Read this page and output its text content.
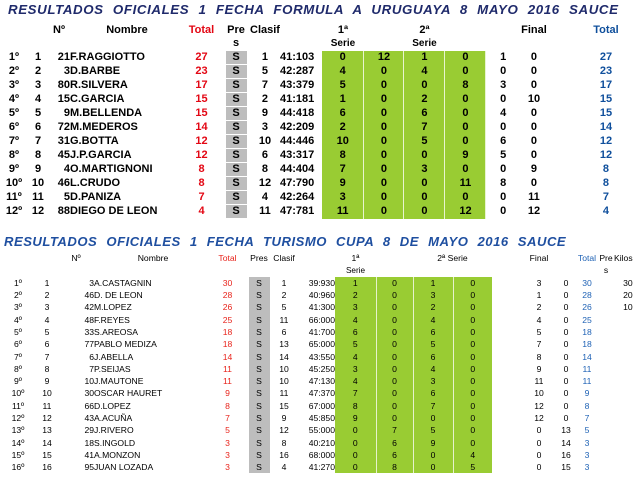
RESULTADOS OFICIALES 1 FECHA FORMULA A URUGUAYA 8 MAYO 2016 SAUCE
		Nº	Nombre	Total		Pre		Clasif		1ª		2ª			Final		Total
						s				Serie		Serie					
1º	1	21	F.RAGGIOTTO	27		S		1	41:103	0	12	1	0	1	0		27
2º	2	3	D.BARBE	23		S		5	42:287	4	0	4	0	0	0		23
3º	3	80	R.SILVERA	17		S		7	43:379	5	0	0	8	3	0		17
4º	4	15	C.GARCIA	15		S		2	41:181	1	0	2	0	0	10		15
5º	5	9	M.BELLENDA	15		S		9	44:418	6	0	6	0	4	0		15
6º	6	72	M.MEDEROS	14		S		3	42:209	2	0	7	0	0	0		14
7º	7	31	G.BOTTA	12		S		10	44:446	10	0	5	0	6	0		12
8º	8	45	J.P.GARCIA	12		S		6	43:317	8	0	0	9	5	0		12
9º	9	4	O.MARTIGNONI	8		S		8	44:404	7	0	3	0	0	9		8
10º	10	46	L.CRUDO	8		S		12	47:790	9	0	0	11	8	0		8
11º	11	5	D.PANIZA	7		S		4	42:264	3	0	0	0	0	11		7
12º	12	88	DIEGO DE LEON	4		S		11	47:781	11	0	0	12	0	12		4
RESULTADOS OFICIALES 1 FECHA TURISMO CUPA 8 DE MAYO 2016 SAUCE
		Nº	Nombre	Total		Pres		Clasif		1ª		2ª Serie			Final		Total	Pre		Kilos
										Serie								s		
1º	1	3	A.CASTAGNIN	30		S		1	39:930	1	0	1	0		3	0	30			30
2º	2	46	D. DE LEON	28		S		2	40:960	2	0	3	0		1	0	28			20
3º	3	42	M.LOPEZ	26		S		5	41:300	3	0	2	0		2	0	26			10
4º	4	48	F.REYES	25		S		11	66:000	4	0	4	0		4	0	25			
5º	5	33	S.AREOSA	18		S		6	41:700	6	0	6	0		5	0	18			
6º	6	77	PABLO MEDIZA	18		S		13	65:000	5	0	5	0		7	0	18			
7º	7	6	J.ABELLA	14		S		14	43:550	4	0	6	0		8	0	14			
8º	8	7	P.SEIJAS	11		S		10	45:250	3	0	4	0		9	0	11			
9º	9	10	J.MAUTONE	11		S		10	47:130	4	0	3	0		11	0	11			
10º	10	30	OSCAR HAURET	9		S		11	47:370	7	0	6	0		10	0	9			
11º	11	66	D.LOPEZ	8		S		15	67:000	8	0	7	0		12	0	8			
12º	12	43	A.ACUÑA	7		S		9	45:850	9	0	0	0		12	0	7			
13º	13	29	J.RIVERO	5		S		12	55:000	0	7	5	0		0	13	5			
14º	14	18	S.INGOLD	3		S		8	40:210	0	6	9	0		0	14	3			
15º	15	41	A.MONZON	3		S		16	68:000	0	6	0	4		0	16	3			
16º	16	95	JUAN LOZADA	3		S		4	41:270	0	8	0	5		0	15	3			
